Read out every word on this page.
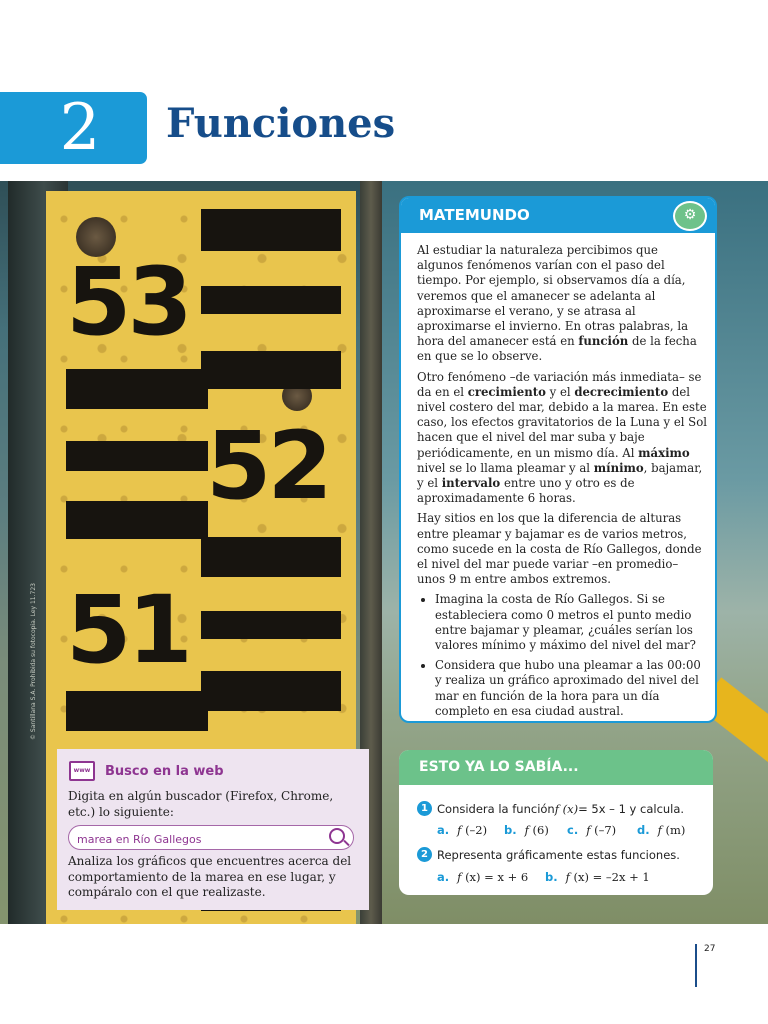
2	Funciones
53
52
51
© Santillana S.A. Prohibida su fotocopia. Ley 11.723
MATEMUNDO	⚙

Al estudiar la naturaleza percibimos que algunos fenómenos varían con el paso del tiempo. Por ejemplo, si observamos día a día, veremos que el amanecer se adelanta al aproximarse el verano, y se atrasa al aproximarse el invierno. En otras palabras, la hora del amanecer está en función de la fecha en que se lo observe.

Otro fenómeno –de variación más inmediata– se da en el crecimiento y el decrecimiento del nivel costero del mar, debido a la marea. En este caso, los efectos gravitatorios de la Luna y el Sol hacen que el nivel del mar suba y baje periódicamente, en un mismo día. Al máximo nivel se lo llama pleamar y al mínimo, bajamar, y el intervalo entre uno y otro es de aproximadamente 6 horas.

Hay sitios en los que la diferencia de alturas entre pleamar y bajamar es de varios metros, como sucede en la costa de Río Gallegos, donde el nivel del mar puede variar –en promedio– unos 9 m entre ambos extremos.

• Imagina la costa de Río Gallegos. Si se estableciera como 0 metros el punto medio entre bajamar y pleamar, ¿cuáles serían los valores mínimo y máximo del nivel del mar?
• Considera que hubo una pleamar a las 00:00 y realiza un gráfico aproximado del nivel del mar en función de la hora para un día completo en esa ciudad austral.
www	Busco en la web
Digita en algún buscador (Firefox, Chrome, etc.) lo siguiente:
marea en Río Gallegos
Analiza los gráficos que encuentres acerca del comportamiento de la marea en ese lugar, y compáralo con el que realizaste.
ESTO YA LO SABÍA...
1 Considera la función f (x) = 5x – 1 y calcula.
a. f (–2) b. f (6) c. f (–7) d. f (m)
2 Representa gráficamente estas funciones.
a. f (x) = x + 6 b. f (x) = –2x + 1
27
